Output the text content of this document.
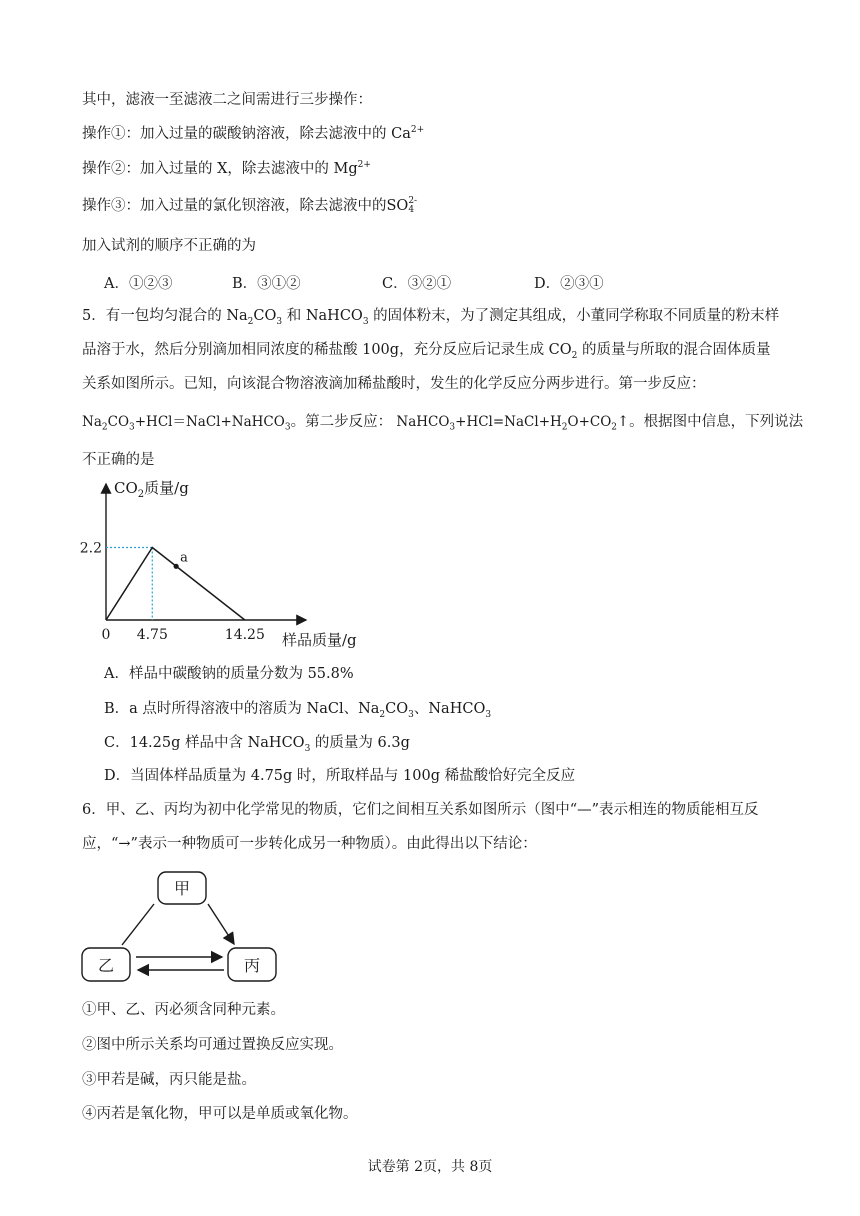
其中，滤液一至滤液二之间需进行三步操作：
操作①：加入过量的碳酸钠溶液，除去滤液中的 $Ca^{2+}$
操作②：加入过量的 X，除去滤液中的 $Mg^{2+}$
操作③：加入过量的氯化钡溶液，除去滤液中的SO 2-
4
加入试剂的顺序不正确的为
A．①②③	B．③①②	C．③②①	D．②③①
5．有一包均匀混合的 $Na_2CO_3$ 和 NaHCO$_3$ 的固体粉末，为了测定其组成，小董同学称取不同质量的粉末样
品溶于水，然后分别滴加相同浓度的稀盐酸 100g，充分反应后记录生成 $CO_2$ 的质量与所取的混合固体质量
关系如图所示。已知，向该混合物溶液滴加稀盐酸时，发生的化学反应分两步进行。第一步反应：
$Na_2CO_3+HCl=NaCl+NaHCO_3$。第二步反应： $NaHCO_3+HCl=NaCl+H_2O+CO_2↑$。根据图中信息，下列说法
不正确的是
$CO_2$质量/g
样品质量/g
a
2.2
0 4.75	14.25
A．样品中碳酸钠的质量分数为 55.8%
B．a 点时所得溶液中的溶质为 NaCl、$Na_2CO_3$、NaHCO$_3$
C．14.25g 样品中含 NaHCO$_3$ 的质量为 6.3g
D．当固体样品质量为 4.75g 时，所取样品与 100g 稀盐酸恰好完全反应
6．甲、乙、丙均为初中化学常见的物质，它们之间相互关系如图所示（图中“—”表示相连的物质能相互反
应，“→”表示一种物质可一步转化成另一种物质）。由此得出以下结论：
甲
乙	丙
①甲、乙、丙必须含同种元素。
②图中所示关系均可通过置换反应实现。
③甲若是碱，丙只能是盐。
④丙若是氧化物，甲可以是单质或氧化物。
试卷第 2页，共 8页
